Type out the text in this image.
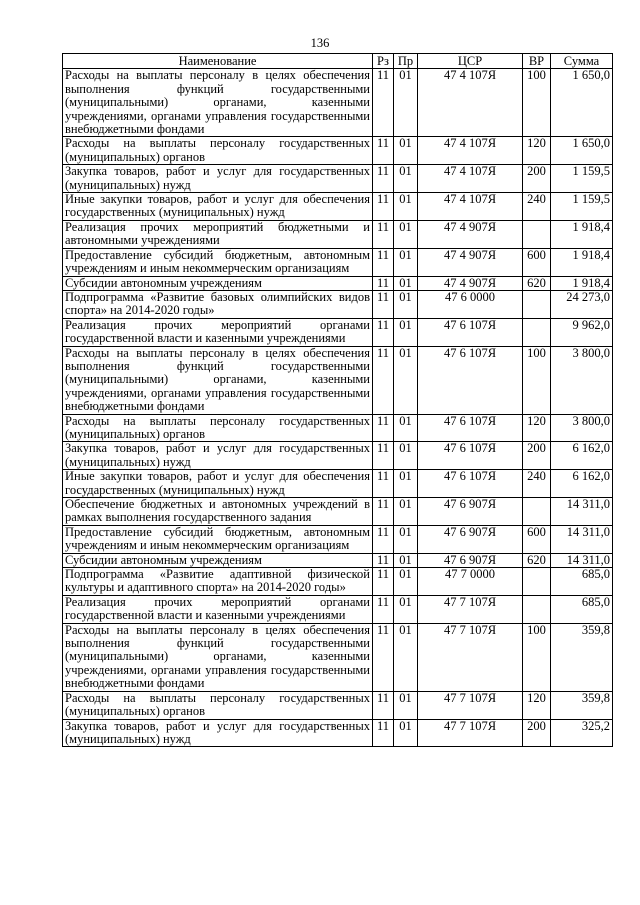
136
Наименование	Рз	Пр	ЦСР	ВР	Сумма
Расходы на выплаты персоналу в целях обеспечения выполнения функций государственными (муниципальными) органами, казенными учреждениями, органами управления государственными внебюджетными фондами	11	01	47 4 107Я	100	1 650,0
Расходы на выплаты персоналу государственных (муниципальных) органов	11	01	47 4 107Я	120	1 650,0
Закупка товаров, работ и услуг для государственных (муниципальных) нужд	11	01	47 4 107Я	200	1 159,5
Иные закупки товаров, работ и услуг для обеспечения государственных (муниципальных) нужд	11	01	47 4 107Я	240	1 159,5
Реализация прочих мероприятий бюджетными и автономными учреждениями	11	01	47 4 907Я		1 918,4
Предоставление субсидий бюджетным, автономным учреждениям и иным некоммерческим организациям	11	01	47 4 907Я	600	1 918,4
Субсидии автономным учреждениям	11	01	47 4 907Я	620	1 918,4
Подпрограмма «Развитие базовых олимпийских видов спорта» на 2014-2020 годы»	11	01	47 6 0000		24 273,0
Реализация прочих мероприятий органами государственной власти и казенными учреждениями	11	01	47 6 107Я		9 962,0
Расходы на выплаты персоналу в целях обеспечения выполнения функций государственными (муниципальными) органами, казенными учреждениями, органами управления государственными внебюджетными фондами	11	01	47 6 107Я	100	3 800,0
Расходы на выплаты персоналу государственных (муниципальных) органов	11	01	47 6 107Я	120	3 800,0
Закупка товаров, работ и услуг для государственных (муниципальных) нужд	11	01	47 6 107Я	200	6 162,0
Иные закупки товаров, работ и услуг для обеспечения государственных (муниципальных) нужд	11	01	47 6 107Я	240	6 162,0
Обеспечение бюджетных и автономных учреждений в рамках выполнения государственного задания	11	01	47 6 907Я		14 311,0
Предоставление субсидий бюджетным, автономным учреждениям и иным некоммерческим организациям	11	01	47 6 907Я	600	14 311,0
Субсидии автономным учреждениям	11	01	47 6 907Я	620	14 311,0
Подпрограмма «Развитие адаптивной физической культуры и адаптивного спорта» на 2014-2020 годы»	11	01	47 7 0000		685,0
Реализация прочих мероприятий органами государственной власти и казенными учреждениями	11	01	47 7 107Я		685,0
Расходы на выплаты персоналу в целях обеспечения выполнения функций государственными (муниципальными) органами, казенными учреждениями, органами управления государственными внебюджетными фондами	11	01	47 7 107Я	100	359,8
Расходы на выплаты персоналу государственных (муниципальных) органов	11	01	47 7 107Я	120	359,8
Закупка товаров, работ и услуг для государственных (муниципальных) нужд	11	01	47 7 107Я	200	325,2
